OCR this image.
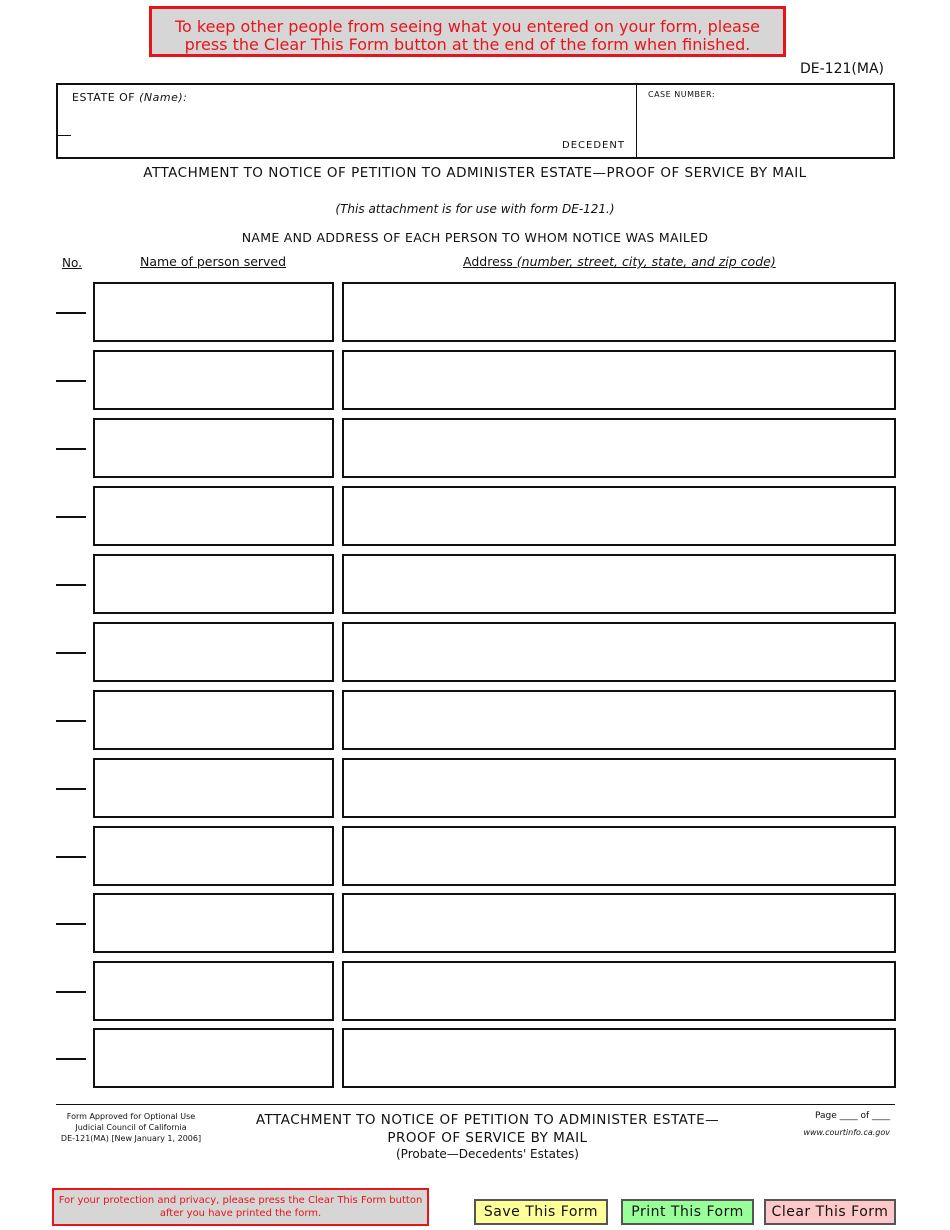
To keep other people from seeing what you entered on your form, please press the Clear This Form button at the end of the form when finished.
DE-121(MA)
ESTATE OF (Name):
DECEDENT
CASE NUMBER:
ATTACHMENT TO NOTICE OF PETITION TO ADMINISTER ESTATE—PROOF OF SERVICE BY MAIL
(This attachment is for use with form DE-121.)
NAME AND ADDRESS OF EACH PERSON TO WHOM NOTICE WAS MAILED
No.	Name of person served	Address (number, street, city, state, and zip code)
Form Approved for Optional Use
Judicial Council of California
DE-121(MA) [New January 1, 2006]
ATTACHMENT TO NOTICE OF PETITION TO ADMINISTER ESTATE—
PROOF OF SERVICE BY MAIL
(Probate—Decedents' Estates)
Page ____ of ____
www.courtinfo.ca.gov
For your protection and privacy, please press the Clear This Form button after you have printed the form.	Save This Form	Print This Form	Clear This Form
